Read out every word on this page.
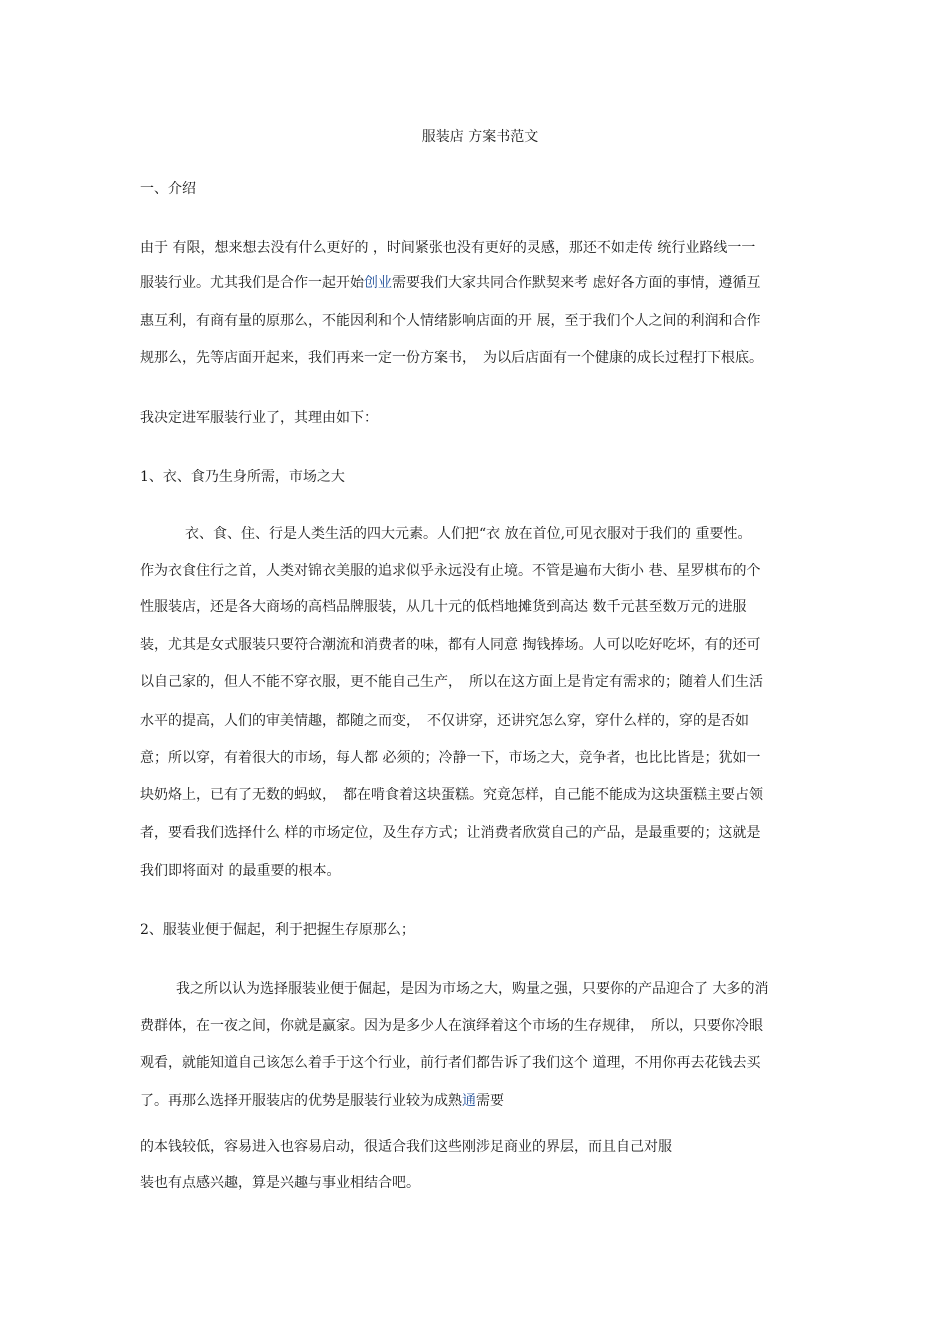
服装店 方案书范文
一、介绍
由于 有限，想来想去没有什么更好的 ，时间紧张也没有更好的灵感，那还不如走传 统行业路线一一
服装行业。尤其我们是合作一起开始创业需要我们大家共同合作默契来考 虑好各方面的事情，遵循互
惠互利，有商有量的原那么，不能因利和个人情绪影响店面的开 展，至于我们个人之间的利润和合作
规那么，先等店面开起来，我们再来一定一份方案书，　为以后店面有一个健康的成长过程打下根底。
我决定进军服装行业了，其理由如下：
1、衣、食乃生身所需，市场之大
衣、食、住、行是人类生活的四大元素。人们把“衣 放在首位,可见衣服对于我们的 重要性。
作为衣食住行之首，人类对锦衣美服的追求似乎永远没有止境。不管是遍布大街小 巷、星罗棋布的个
性服装店，还是各大商场的高档品牌服装，从几十元的低档地摊货到高达 数千元甚至数万元的进服
装，尤其是女式服装只要符合潮流和消费者的味，都有人同意 掏钱捧场。人可以吃好吃坏，有的还可
以自己家的，但人不能不穿衣服，更不能自己生产，　所以在这方面上是肯定有需求的；随着人们生活
水平的提高，人们的审美情趣，都随之而变，　不仅讲穿，还讲究怎么穿，穿什么样的，穿的是否如
意；所以穿，有着很大的市场，每人都 必须的；冷静一下，市场之大，竞争者，也比比皆是；犹如一
块奶烙上，已有了无数的蚂蚁，　都在啃食着这块蛋糕。究竟怎样，自己能不能成为这块蛋糕主要占领
者，要看我们选择什么 样的市场定位，及生存方式；让消费者欣赏自己的产品，是最重要的；这就是
我们即将面对 的最重要的根本。
2、服装业便于倔起，利于把握生存原那么；
我之所以认为选择服装业便于倔起，是因为市场之大，购量之强，只要你的产品迎合了 大多的消
费群体，在一夜之间，你就是赢家。因为是多少人在演绎着这个市场的生存规律，　所以，只要你冷眼
观看，就能知道自己该怎么着手于这个行业，前行者们都告诉了我们这个 道理，不用你再去花钱去买
了。再那么选择开服装店的优势是服装行业较为成熟通需要
的本钱较低，容易进入也容易启动，很适合我们这些刚涉足商业的界层，而且自己对服
装也有点感兴趣，算是兴趣与事业相结合吧。
